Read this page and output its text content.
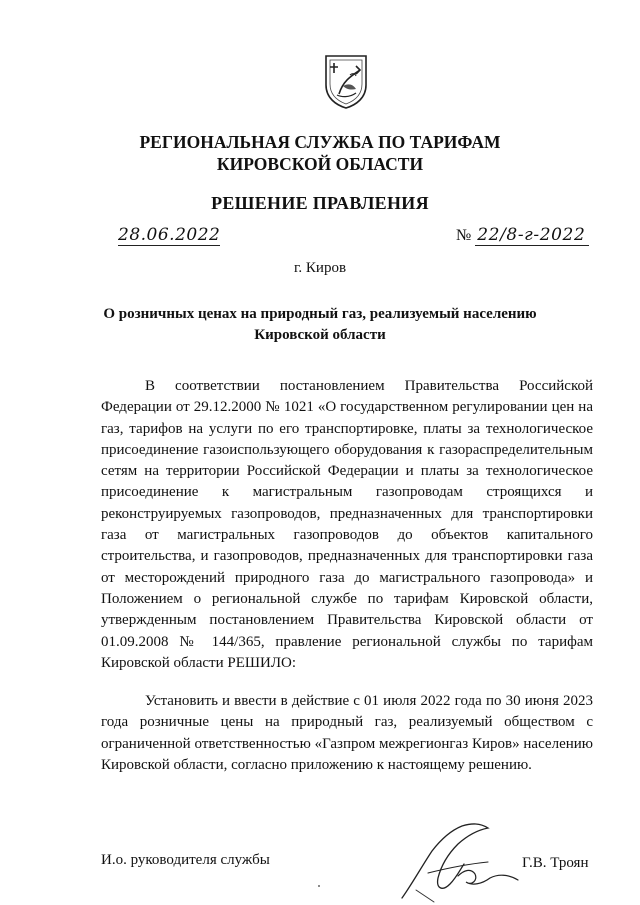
РЕГИОНАЛЬНАЯ СЛУЖБА ПО ТАРИФАМ
КИРОВСКОЙ ОБЛАСТИ
РЕШЕНИЕ ПРАВЛЕНИЯ
28.06.2022	№ 22/8-г-2022
г. Киров
О розничных ценах на природный газ, реализуемый населению
Кировской области

В соответствии постановлением Правительства Российской Федерации от 29.12.2000 № 1021 «О государственном регулировании цен на газ, тарифов на услуги по его транспортировке, платы за технологическое присоединение газоиспользующего оборудования к газораспределительным сетям на территории Российской Федерации и платы за технологическое присоединение к магистральным газопроводам строящихся и реконструируемых газопроводов, предназначенных для транспортировки газа от магистральных газопроводов до объектов капитального строительства, и газопроводов, предназначенных для транспортировки газа от месторождений природного газа до магистрального газопровода» и Положением о региональной службе по тарифам Кировской области, утвержденным постановлением Правительства Кировской области от 01.09.2008 № 144/365, правление региональной службы по тарифам Кировской области РЕШИЛО:

Установить и ввести в действие с 01 июля 2022 года по 30 июня 2023 года розничные цены на природный газ, реализуемый обществом с ограниченной ответственностью «Газпром межрегионгаз Киров» населению Кировской области, согласно приложению к настоящему решению.

И.о. руководителя службы	Г.В. Троян
